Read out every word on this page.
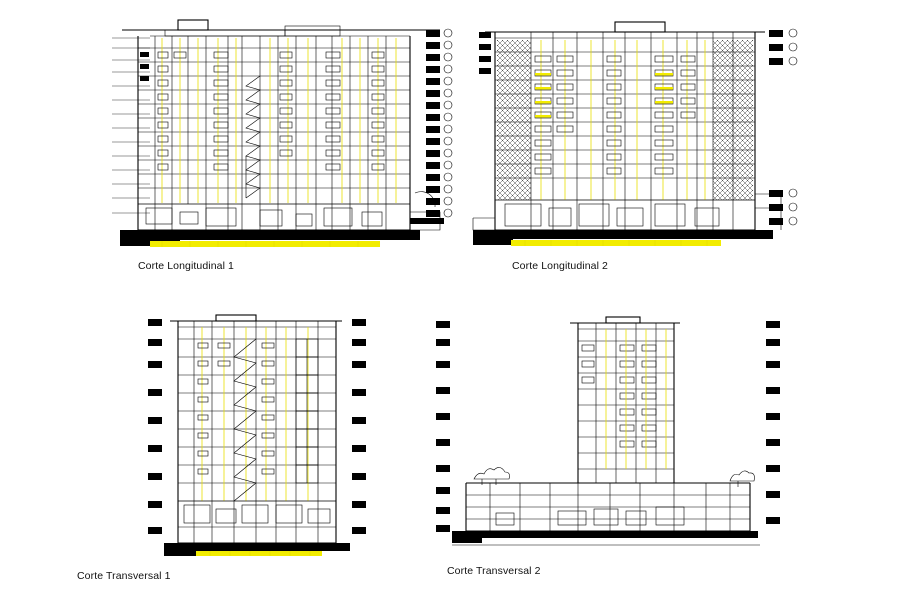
Corte Longitudinal 1	Corte Longitudinal 2
Corte Transversal 1	Corte Transversal 2
